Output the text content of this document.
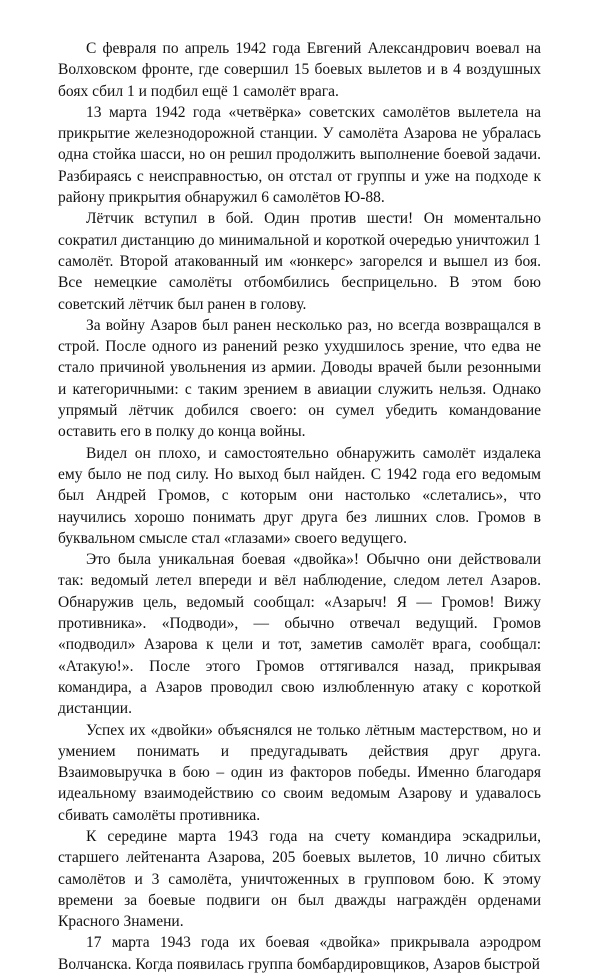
С февраля по апрель 1942 года Евгений Александрович воевал на Волховском фронте, где совершил 15 боевых вылетов и в 4 воздушных боях сбил 1 и подбил ещё 1 самолёт врага.

13 марта 1942 года «четвёрка» советских самолётов вылетела на прикрытие железнодорожной станции. У самолёта Азарова не убралась одна стойка шасси, но он решил продолжить выполнение боевой задачи. Разбираясь с неисправностью, он отстал от группы и уже на подходе к району прикрытия обнаружил 6 самолётов Ю-88.

Лётчик вступил в бой. Один против шести! Он моментально сократил дистанцию до минимальной и короткой очередью уничтожил 1 самолёт. Второй атакованный им «юнкерс» загорелся и вышел из боя. Все немецкие самолёты отбомбились бесприцельно. В этом бою советский лётчик был ранен в голову.

За войну Азаров был ранен несколько раз, но всегда возвращался в строй. После одного из ранений резко ухудшилось зрение, что едва не стало причиной увольнения из армии. Доводы врачей были резонными и категоричными: с таким зрением в авиации служить нельзя. Однако упрямый лётчик добился своего: он сумел убедить командование оставить его в полку до конца войны.

Видел он плохо, и самостоятельно обнаружить самолёт издалека ему было не под силу. Но выход был найден. С 1942 года его ведомым был Андрей Громов, с которым они настолько «слетались», что научились хорошо понимать друг друга без лишних слов. Громов в буквальном смысле стал «глазами» своего ведущего.

Это была уникальная боевая «двойка»! Обычно они действовали так: ведомый летел впереди и вёл наблюдение, следом летел Азаров. Обнаружив цель, ведомый сообщал: «Азарыч! Я — Громов! Вижу противника». «Подводи», — обычно отвечал ведущий. Громов «подводил» Азарова к цели и тот, заметив самолёт врага, сообщал: «Атакую!». После этого Громов оттягивался назад, прикрывая командира, а Азаров проводил свою излюбленную атаку с короткой дистанции.

Успех их «двойки» объяснялся не только лётным мастерством, но и умением понимать и предугадывать действия друг друга. Взаимовыручка в бою – один из факторов победы. Именно благодаря идеальному взаимодействию со своим ведомым Азарову и удавалось сбивать самолёты противника.

К середине марта 1943 года на счету командира эскадрильи, старшего лейтенанта Азарова, 205 боевых вылетов, 10 лично сбитых самолётов и 3 самолёта, уничтоженных в групповом бою. К этому времени за боевые подвиги он был дважды награждён орденами Красного Знамени.

17 марта 1943 года их боевая «двойка» прикрывала аэродром Волчанска. Когда появилась группа бомбардировщиков, Азаров быстрой
